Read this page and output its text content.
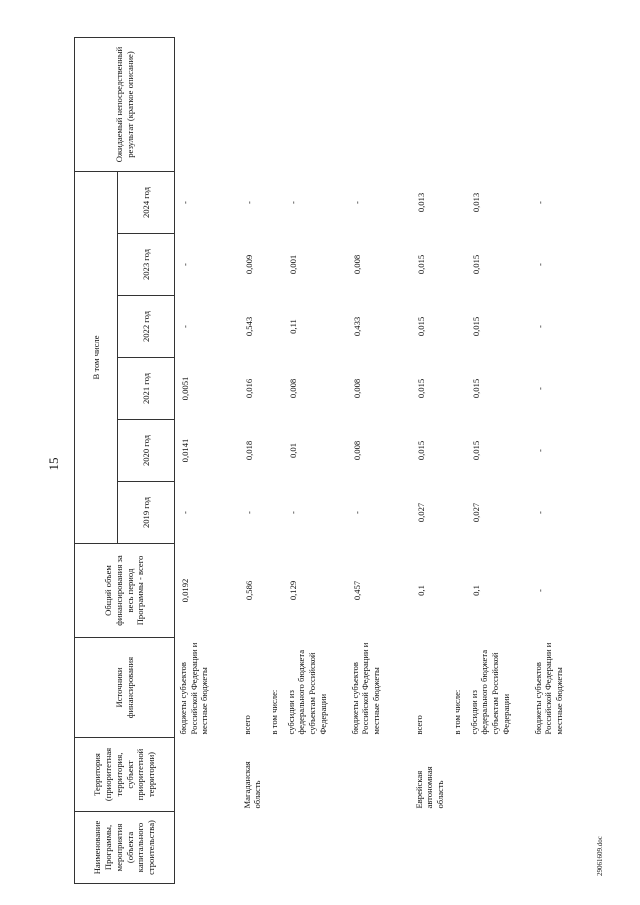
15
29061609.doc
Наименование Программы, мероприятия (объекта капитального строительства)	Территория (приоритетная территория, субъект приоритетной территории)	Источники финансирования	Общий объем финансирования за весь период Программы - всего	В том числе						Ожидаемый непосредственный результат (краткое описание)
				2019 год	2020 год	2021 год	2022 год	2023 год	2024 год	
		бюджеты субъектов Российской Федерации и местные бюджеты	0,0192	-	0,0141	0,0051	-	-	-	
	Магаданская область	всего	0,586	-	0,018	0,016	0,543	0,009	-	
		в том числе:								
		субсидии из федерального бюджета субъектам Российской Федерации	0,129	-	0,01	0,008	0,11	0,001	-	
		бюджеты субъектов Российской Федерации и местные бюджеты	0,457	-	0,008	0,008	0,433	0,008	-	
	Еврейская автономная область	всего	0,1	0,027	0,015	0,015	0,015	0,015	0,013	
		в том числе:								
		субсидии из федерального бюджета субъектам Российской Федерации	0,1	0,027	0,015	0,015	0,015	0,015	0,013	
		бюджеты субъектов Российской Федерации и местные бюджеты	-	-	-	-	-	-	-	
